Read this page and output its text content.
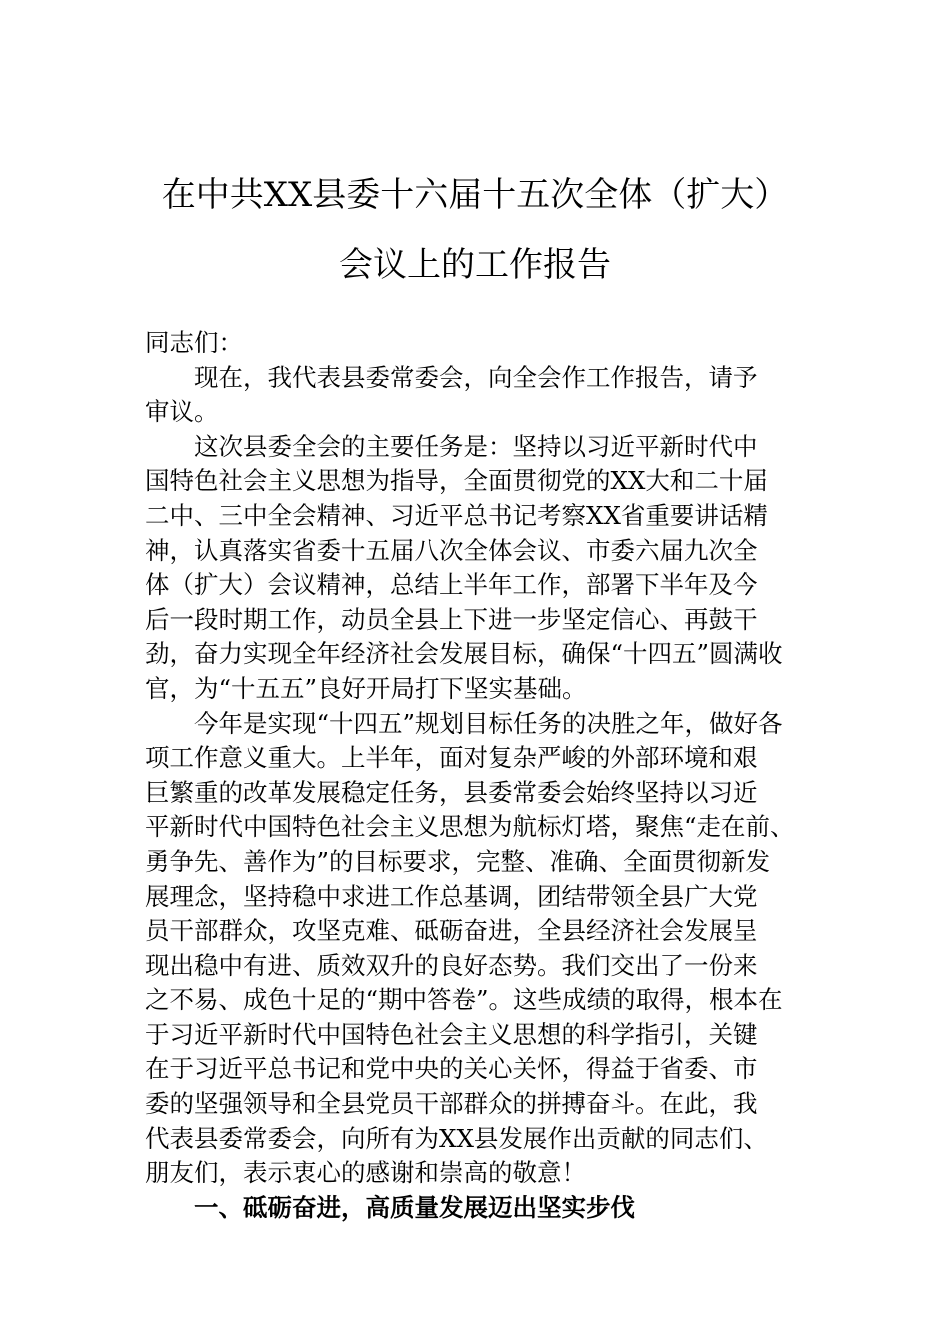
在中共XX县委十六届十五次全体（扩大）
会议上的工作报告
同志们：
现在，我代表县委常委会，向全会作工作报告，请予
审议。
这次县委全会的主要任务是：坚持以习近平新时代中
国特色社会主义思想为指导，全面贯彻党的XX大和二十届
二中、三中全会精神、习近平总书记考察XX省重要讲话精
神，认真落实省委十五届八次全体会议、市委六届九次全
体（扩大）会议精神，总结上半年工作，部署下半年及今
后一段时期工作，动员全县上下进一步坚定信心、再鼓干
劲，奋力实现全年经济社会发展目标，确保“十四五”圆满收
官，为“十五五”良好开局打下坚实基础。
今年是实现“十四五”规划目标任务的决胜之年，做好各
项工作意义重大。上半年，面对复杂严峻的外部环境和艰
巨繁重的改革发展稳定任务，县委常委会始终坚持以习近
平新时代中国特色社会主义思想为航标灯塔，聚焦“走在前、
勇争先、善作为”的目标要求，完整、准确、全面贯彻新发
展理念，坚持稳中求进工作总基调，团结带领全县广大党
员干部群众，攻坚克难、砥砺奋进，全县经济社会发展呈
现出稳中有进、质效双升的良好态势。我们交出了一份来
之不易、成色十足的“期中答卷”。这些成绩的取得，根本在
于习近平新时代中国特色社会主义思想的科学指引，关键
在于习近平总书记和党中央的关心关怀，得益于省委、市
委的坚强领导和全县党员干部群众的拼搏奋斗。在此，我
代表县委常委会，向所有为XX县发展作出贡献的同志们、
朋友们，表示衷心的感谢和崇高的敬意！
一、砥砺奋进，高质量发展迈出坚实步伐
